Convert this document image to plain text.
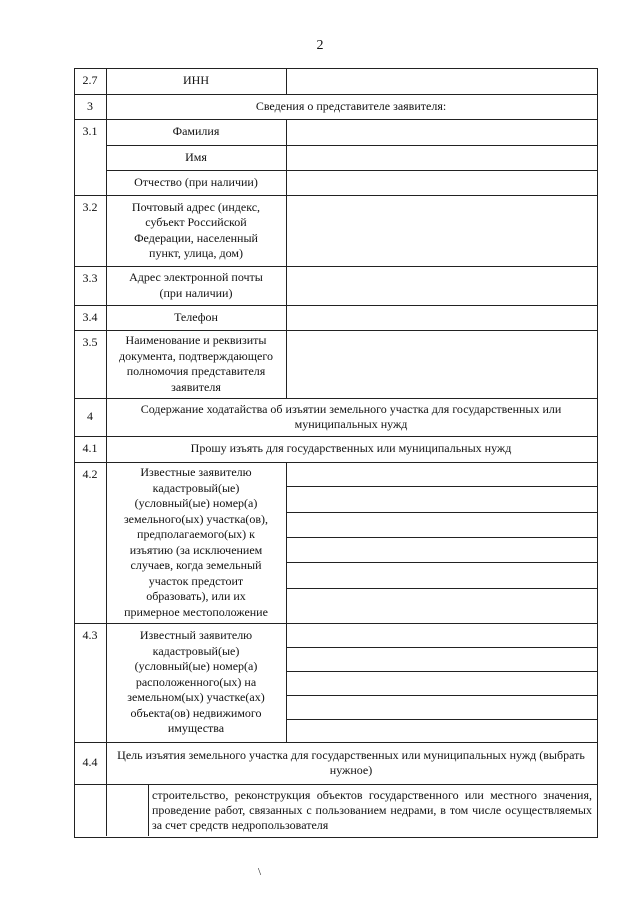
2
2.7
3
3.1
3.2
3.3
3.4
3.5
4
4.1
4.2
4.3
4.4
ИНН
Сведения о представителе заявителя:
Фамилия
Имя
Отчество (при наличии)
Почтовый адрес (индекс, субъект Российской Федерации, населенный пункт, улица, дом)
Адрес электронной почты (при наличии)
Телефон
Наименование и реквизиты документа, подтверждающего полномочия представителя заявителя
Содержание ходатайства об изъятии земельного участка для государственных или муниципальных нужд
Прошу изъять для государственных или муниципальных нужд
Известные заявителю кадастровый(ые) (условный(ые) номер(а) земельного(ых) участка(ов), предполагаемого(ых) к изъятию (за исключением случаев, когда земельный участок предстоит образовать), или их примерное местоположение
Известный заявителю кадастровый(ые) (условный(ые) номер(а) расположенного(ых) на земельном(ых) участке(ах) объекта(ов) недвижимого имущества
Цель изъятия земельного участка для государственных или муниципальных нужд (выбрать нужное)
строительство, реконструкция объектов государственного или местного значения, проведение работ, связанных с пользованием недрами, в том числе осуществляемых за счет средств недропользователя
\
